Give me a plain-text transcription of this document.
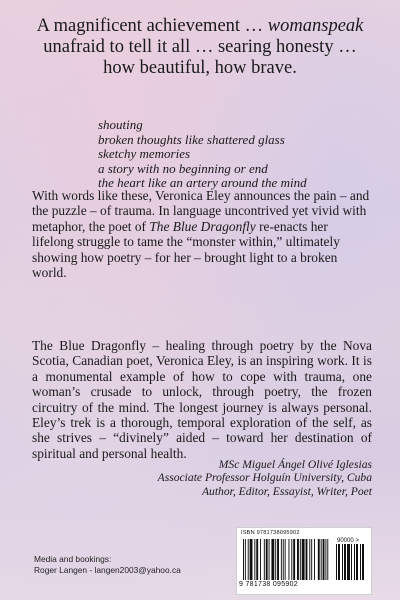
A magnificent achievement … womanspeak unafraid to tell it all … searing honesty … how beautiful, how brave.
shouting
broken thoughts like shattered glass
sketchy memories
a story with no beginning or end
the heart like an artery around the mind
With words like these, Veronica Eley announces the pain – and the puzzle – of trauma. In language uncontrived yet vivid with metaphor, the poet of The Blue Dragonfly re-enacts her lifelong struggle to tame the “monster within,” ultimately showing how poetry – for her – brought light to a broken world.
The Blue Dragonfly – healing through poetry by the Nova Scotia, Canadian poet, Veronica Eley, is an inspiring work. It is a monumental example of how to cope with trauma, one woman’s crusade to unlock, through poetry, the frozen circuitry of the mind. The longest journey is always personal. Eley’s trek is a thorough, temporal exploration of the self, as she strives – “divinely” aided – toward her destination of spiritual and personal health.
MSc Miguel Ángel Olivé Iglesias
Associate Professor Holguín University, Cuba
Author, Editor, Essayist, Writer, Poet
Media and bookings:
Roger Langen - langen2003@yahoo.ca
ISBN 9781738095902
90000 >
9 781738 095902
